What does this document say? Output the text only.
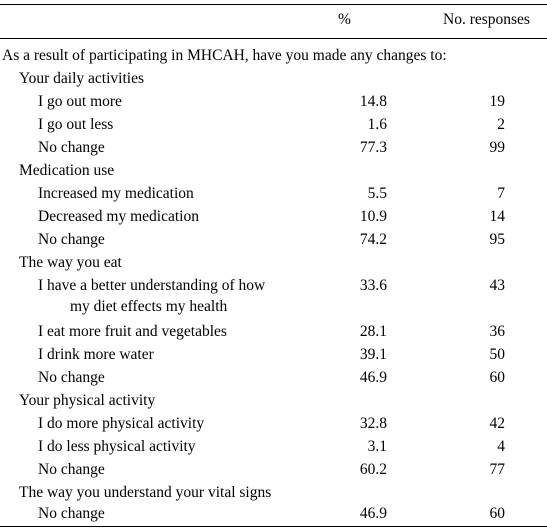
%	No. responses
As a result of participating in MHCAH, have you made any changes to:
Your daily activities
I go out more	14.8	19
I go out less	1.6	2
No change	77.3	99
Medication use
Increased my medication	5.5	7
Decreased my medication	10.9	14
No change	74.2	95
The way you eat
I have a better understanding of how	33.6	43
my diet effects my health
I eat more fruit and vegetables	28.1	36
I drink more water	39.1	50
No change	46.9	60
Your physical activity
I do more physical activity	32.8	42
I do less physical activity	3.1	4
No change	60.2	77
The way you understand your vital signs
No change	46.9	60
